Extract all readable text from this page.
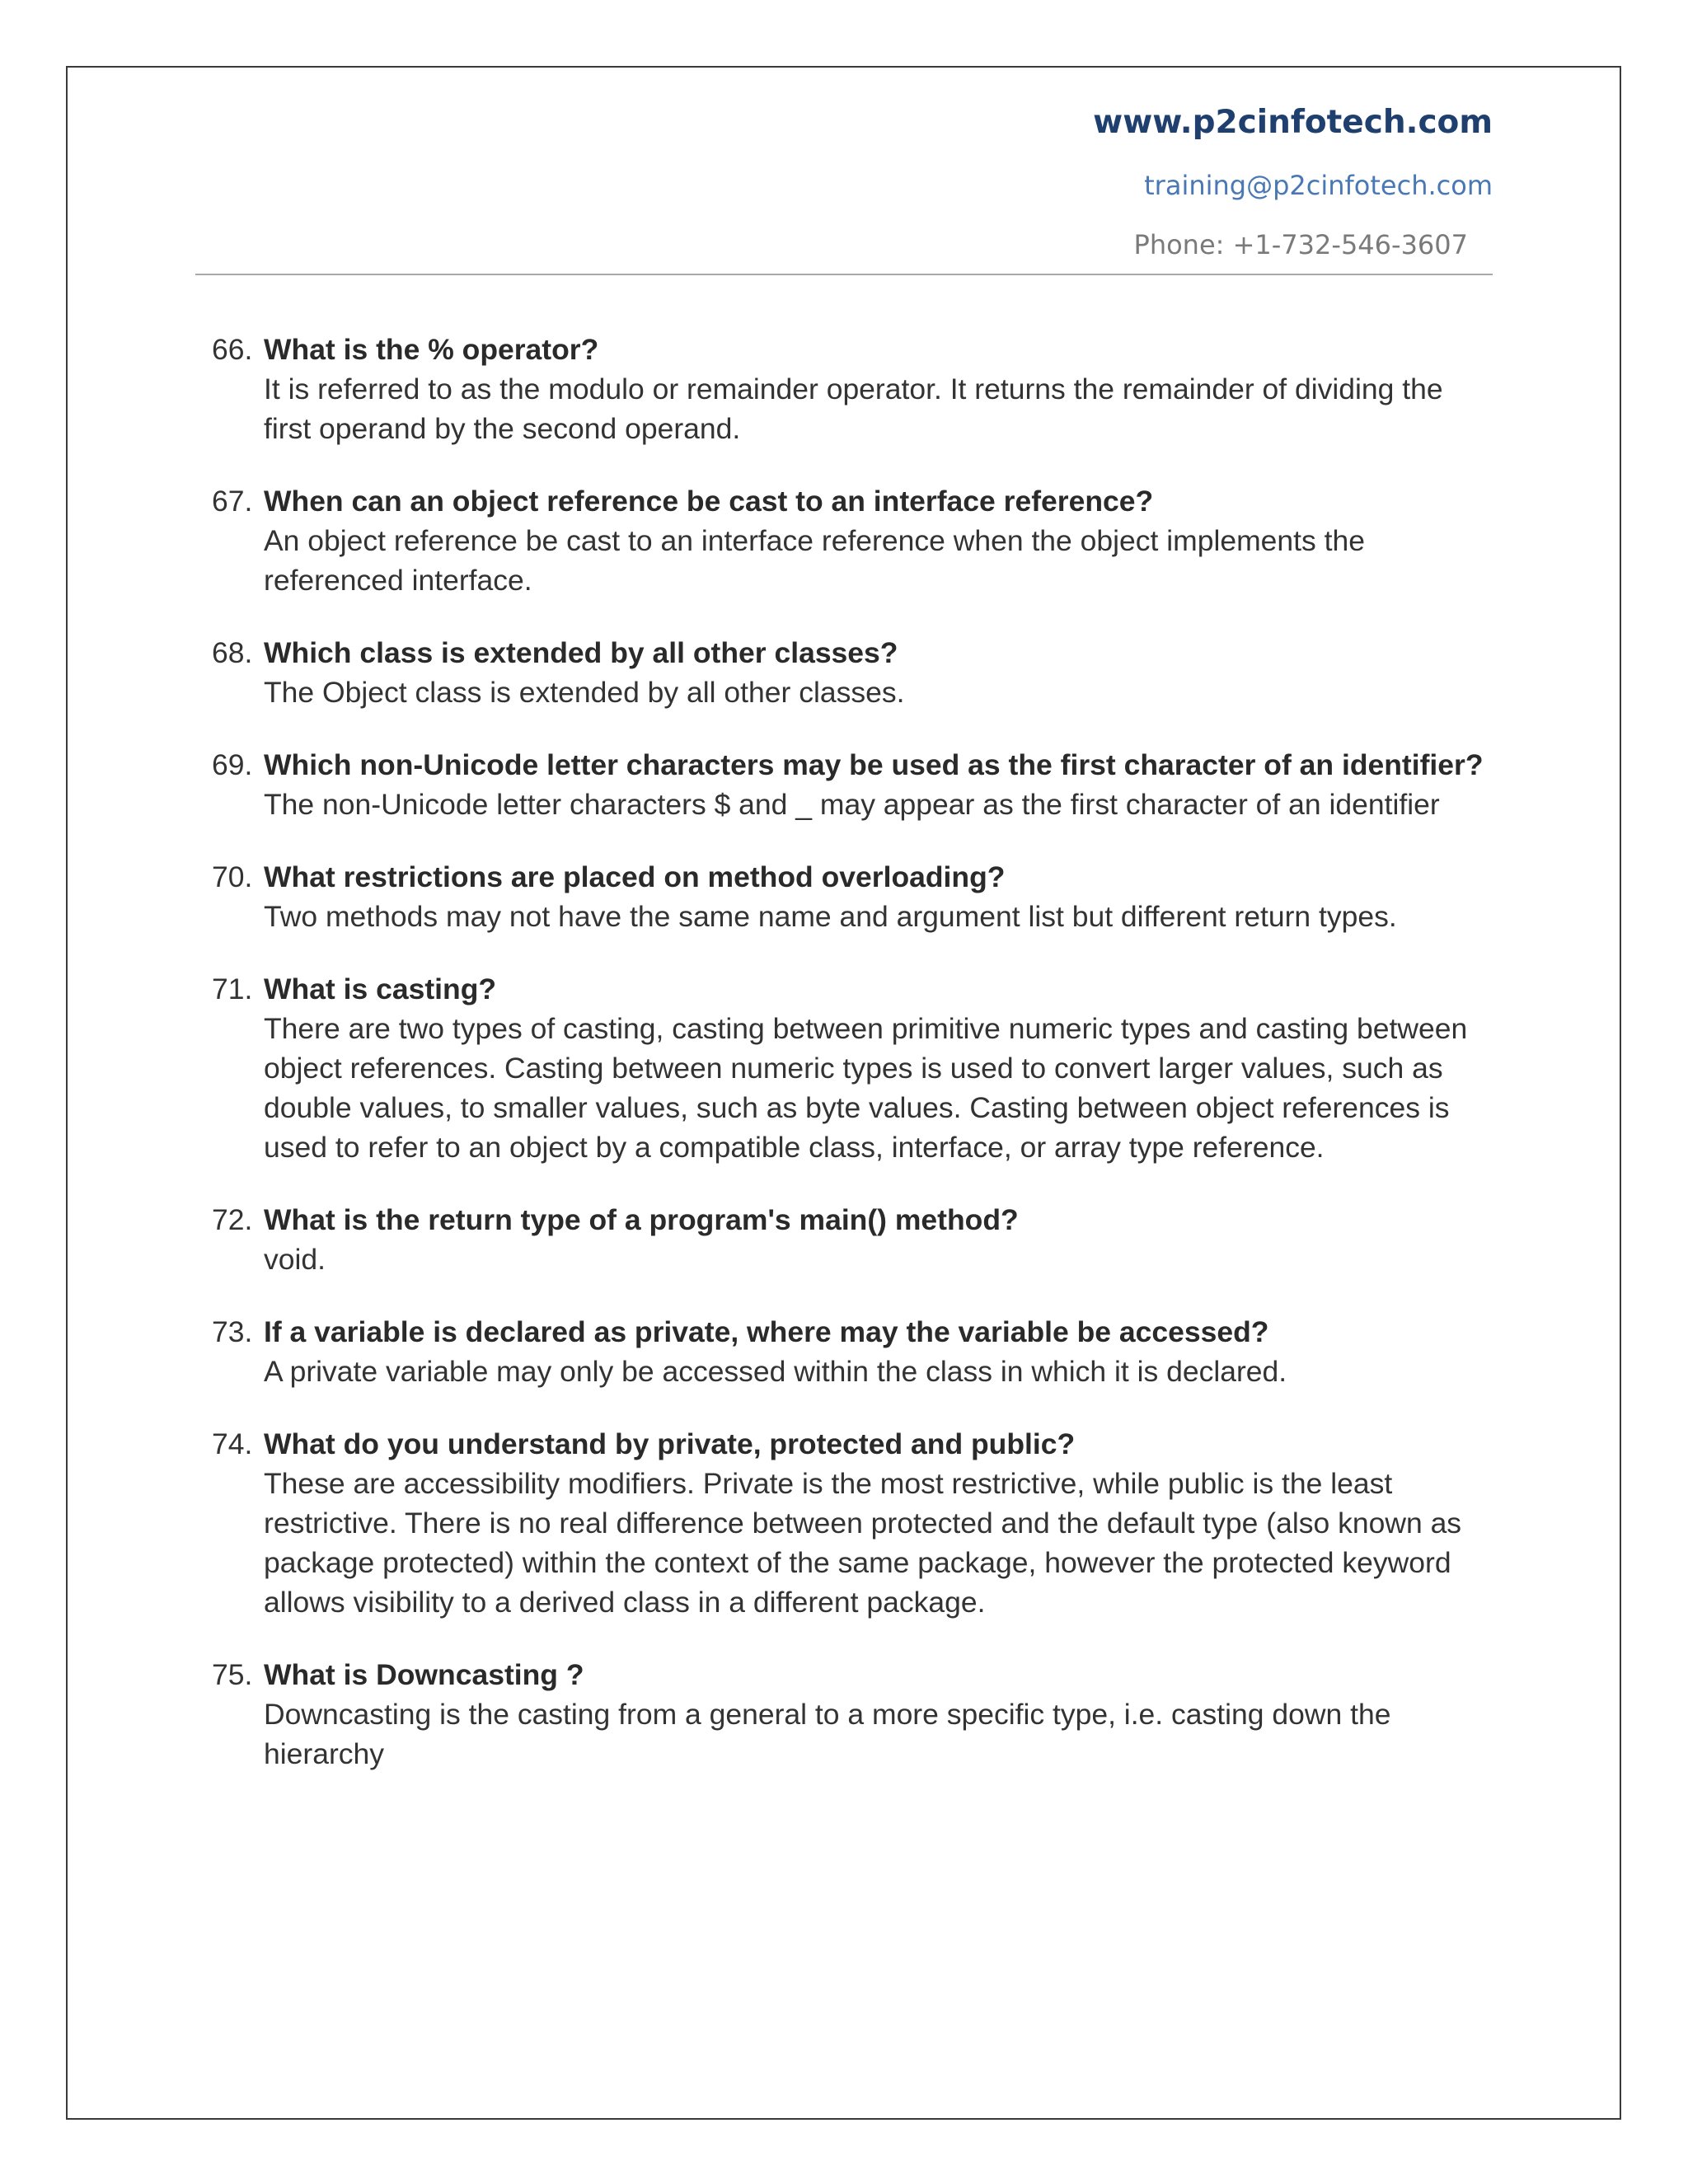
www.p2cinfotech.com
training@p2cinfotech.com
Phone: +1-732-546-3607
66. What is the % operator?
It is referred to as the modulo or remainder operator. It returns the remainder of dividing the first operand by the second operand.
67. When can an object reference be cast to an interface reference?
An object reference be cast to an interface reference when the object implements the referenced interface.
68. Which class is extended by all other classes?
The Object class is extended by all other classes.
69. Which non-Unicode letter characters may be used as the first character of an identifier?
The non-Unicode letter characters $ and _ may appear as the first character of an identifier
70. What restrictions are placed on method overloading?
Two methods may not have the same name and argument list but different return types.
71. What is casting?
There are two types of casting, casting between primitive numeric types and casting between object references. Casting between numeric types is used to convert larger values, such as double values, to smaller values, such as byte values. Casting between object references is used to refer to an object by a compatible class, interface, or array type reference.
72. What is the return type of a program's main() method?
void.
73. If a variable is declared as private, where may the variable be accessed?
A private variable may only be accessed within the class in which it is declared.
74. What do you understand by private, protected and public?
These are accessibility modifiers. Private is the most restrictive, while public is the least restrictive. There is no real difference between protected and the default type (also known as package protected) within the context of the same package, however the protected keyword allows visibility to a derived class in a different package.
75. What is Downcasting ?
Downcasting is the casting from a general to a more specific type, i.e. casting down the hierarchy
